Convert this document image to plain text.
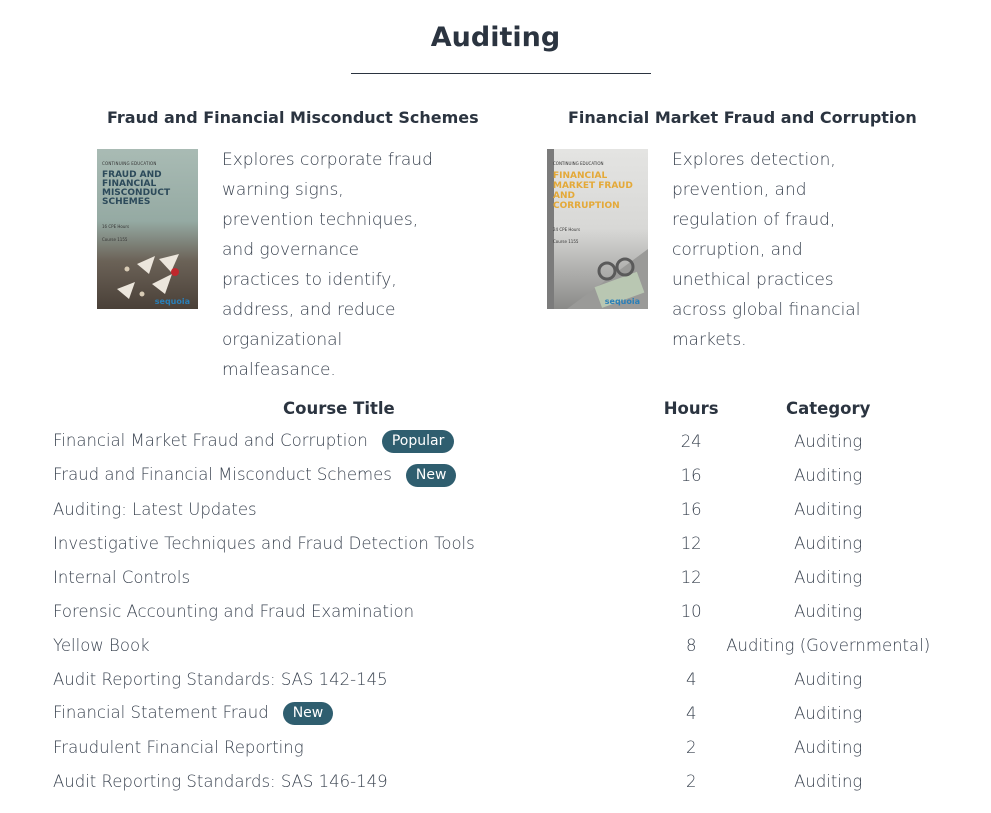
Auditing
Fraud and Financial Misconduct Schemes
CONTINUING EDUCATION
FRAUD AND FINANCIAL MISCONDUCT SCHEMES
16 CPE Hours
Course 1155
sequoia
Explores corporate fraud warning signs, prevention techniques, and governance practices to identify, address, and reduce organizational malfeasance.
Financial Market Fraud and Corruption
CONTINUING EDUCATION
FINANCIAL MARKET FRAUD AND CORRUPTION
24 CPE Hours
Course 1155
sequoia
Explores detection, prevention, and regulation of fraud, corruption, and unethical practices across global financial markets.
Course Title	Hours	Category
Financial Market Fraud and Corruption Popular	24	Auditing
Fraud and Financial Misconduct Schemes New	16	Auditing
Auditing: Latest Updates	16	Auditing
Investigative Techniques and Fraud Detection Tools	12	Auditing
Internal Controls	12	Auditing
Forensic Accounting and Fraud Examination	10	Auditing
Yellow Book	8	Auditing (Governmental)
Audit Reporting Standards: SAS 142-145	4	Auditing
Financial Statement Fraud New	4	Auditing
Fraudulent Financial Reporting	2	Auditing
Audit Reporting Standards: SAS 146-149	2	Auditing
